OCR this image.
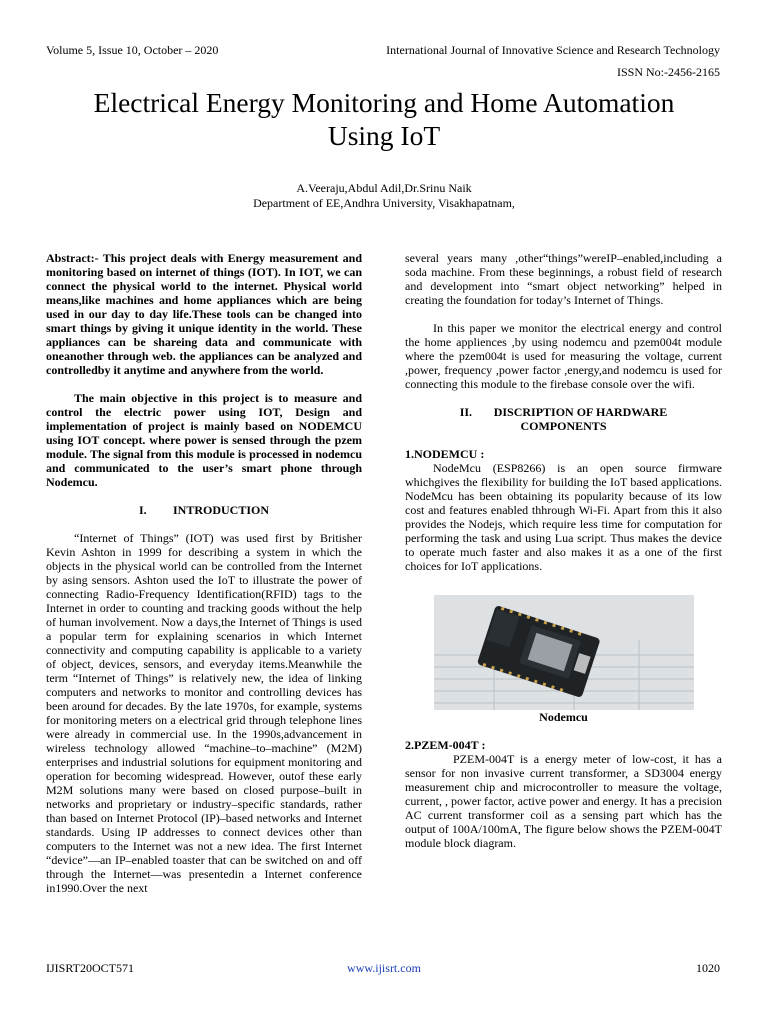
Volume 5, Issue 10, October – 2020	International Journal of Innovative Science and Research Technology
ISSN No:-2456-2165
Electrical Energy Monitoring and Home Automation
Using IoT
A.Veeraju,Abdul Adil,Dr.Srinu Naik
Department of EE,Andhra University, Visakhapatnam,

Abstract:- This project deals with Energy measurement and monitoring based on internet of things (IOT). In IOT, we can connect the physical world to the internet. Physical world means,like machines and home appliances which are being used in our day to day life.These tools can be changed into smart things by giving it unique identity in the world. These appliances can be shareing data and communicate with oneanother through web. the appliances can be analyzed and controlledby it anytime and anywhere from the world.

The main objective in this project is to measure and control the electric power using IOT, Design and implementation of project is mainly based on NODEMCU using IOT concept. where power is sensed through the pzem module. The signal from this module is processed in nodemcu and communicated to the user’s smart phone through Nodemcu.

I. INTRODUCTION

“Internet of Things” (IOT) was used first by Britisher Kevin Ashton in 1999 for describing a system in which the objects in the physical world can be controlled from the Internet by asing sensors. Ashton used the IoT to illustrate the power of connecting Radio-Frequency Identification(RFID) tags to the Internet in order to counting and tracking goods without the help of human involvement. Now a days,the Internet of Things is used a popular term for explaining scenarios in which Internet connectivity and computing capability is applicable to a variety of object, devices, sensors, and everyday items.Meanwhile the term “Internet of Things” is relatively new, the idea of linking computers and networks to monitor and controlling devices has been around for decades. By the late 1970s, for example, systems for monitoring meters on a electrical grid through telephone lines were already in commercial use. In the 1990s,advancement in wireless technology allowed “machine–to–machine” (M2M) enterprises and industrial solutions for equipment monitoring and operation for becoming widespread. However, outof these early M2M solutions many were based on closed purpose–built in networks and proprietary or industry–specific standards, rather than based on Internet Protocol (IP)–based networks and Internet standards. Using IP addresses to connect devices other than computers to the Internet was not a new idea. The first Internet “device”—an IP–enabled toaster that can be switched on and off through the Internet—was presentedin a Internet conference in1990.Over the next

several years many ,other“things”wereIP–enabled,including a soda machine. From these beginnings, a robust field of research and development into “smart object networking” helped in creating the foundation for today’s Internet of Things.

In this paper we monitor the electrical energy and control the home appliences ,by using nodemcu and pzem004t module where the pzem004t is used for measuring the voltage, current ,power, frequency ,power factor ,energy,and nodemcu is used for connecting this module to the firebase console over the wifi.

II. DISCRIPTION OF HARDWARE
COMPONENTS

1.NODEMCU :

NodeMcu (ESP8266) is an open source firmware whichgives the flexibility for building the IoT based applications. NodeMcu has been obtaining its popularity because of its low cost and features enabled thhrough Wi-Fi. Apart from this it also provides the Nodejs, which require less time for computation for performing the task and using Lua script. Thus makes the device to operate much faster and also makes it as a one of the first choices for IoT applications.

Nodemcu

2.PZEM-004T :

PZEM-004T is a energy meter of low-cost, it has a sensor for non invasive current transformer, a SD3004 energy measurement chip and microcontroller to measure the voltage, current, , power factor, active power and energy. It has a precision AC current transformer coil as a sensing part which has the output of 100A/100mA, The figure below shows the PZEM-004T module block diagram.

IJISRT20OCT571	www.ijisrt.com	1020
